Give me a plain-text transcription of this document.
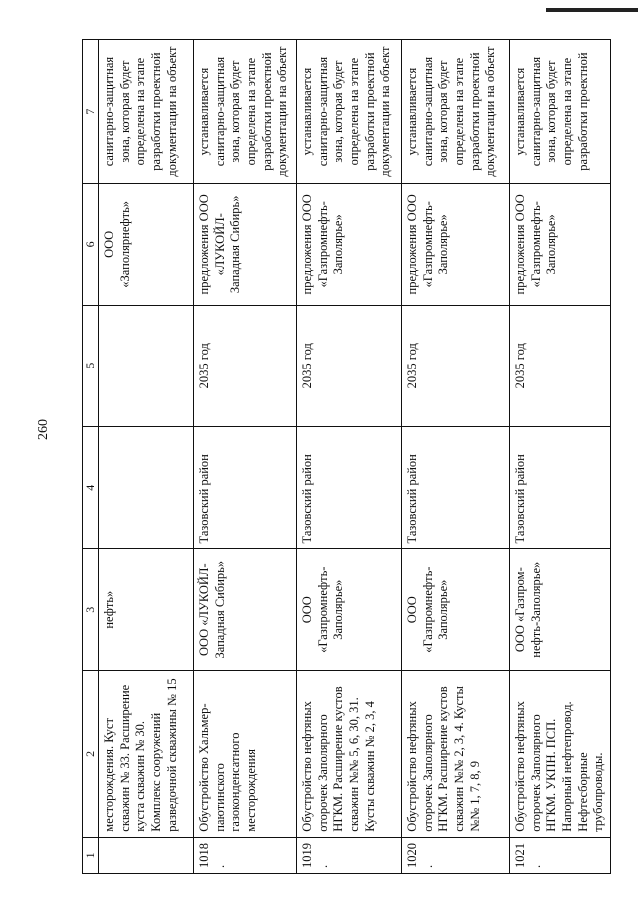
260
1	2	3	4	5	6	7
	месторождения. Куст скважин № 33. Расширение куста скважин № 30. Комплекс сооружений разведочной скважины № 15	нефть»			ООО «Заполярнефть»	санитарно-защитная зона, которая будет определена на этапе разработки проектной документации на объект
1018.	Обустройство Хальмер-паютинского газоконденсатного месторождения	ООО «ЛУКОЙЛ-Западная Сибирь»	Тазовский район	2035 год	предложения ООО «ЛУКОЙЛ-Западная Сибирь»	устанавливается санитарно-защитная зона, которая будет определена на этапе разработки проектной документации на объект
1019.	Обустройство нефтяных оторочек Заполярного НГКМ. Расширение кустов скважин №№ 5, 6, 30, 31. Кусты скважин № 2, 3, 4	ООО «Газпромнефть-Заполярье»	Тазовский район	2035 год	предложения ООО «Газпромнефть-Заполярье»	устанавливается санитарно-защитная зона, которая будет определена на этапе разработки проектной документации на объект
1020.	Обустройство нефтяных оторочек Заполярного НГКМ. Расширение кустов скважин №№ 2, 3, 4. Кусты №№ 1, 7, 8, 9	ООО «Газпромнефть-Заполярье»	Тазовский район	2035 год	предложения ООО «Газпромнефть-Заполярье»	устанавливается санитарно-защитная зона, которая будет определена на этапе разработки проектной документации на объект
1021.	Обустройство нефтяных оторочек Заполярного НГКМ. УКПН. ПСП. Напорный нефтепровод. Нефтесборные трубопроводы.	ООО «Газпром-нефть-Заполярье»	Тазовский район	2035 год	предложения ООО «Газпромнефть-Заполярье»	устанавливается санитарно-защитная зона, которая будет определена на этапе разработки проектной
